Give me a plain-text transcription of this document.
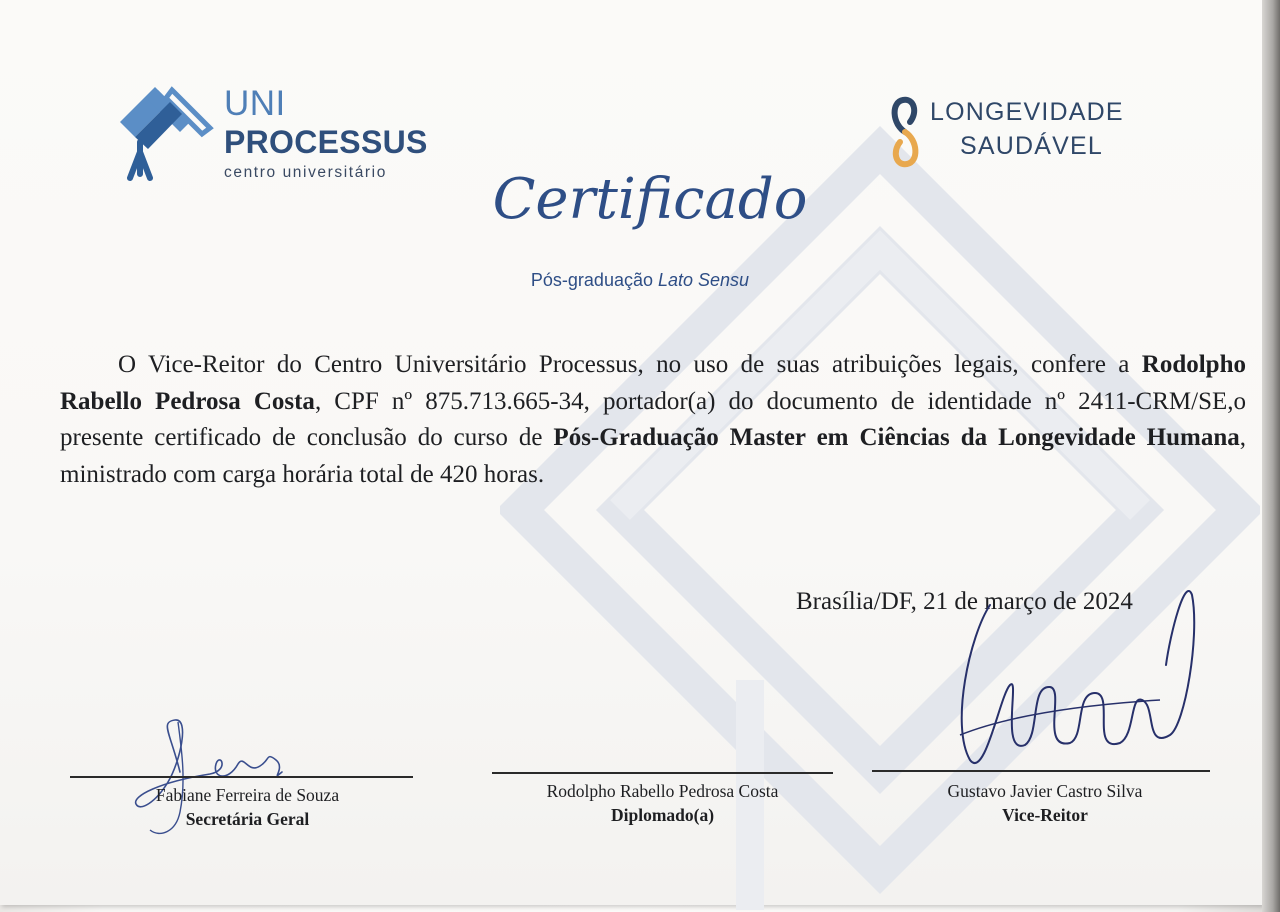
UNI
PROCESSUS
centro universitário
LONGEVIDADE
SAUDÁVEL
Certificado
Pós-graduação Lato Sensu

O Vice-Reitor do Centro Universitário Processus, no uso de suas atribuições legais, confere a Rodolpho Rabello Pedrosa Costa, CPF nº 875.713.665-34, portador(a) do documento de identidade nº 2411-CRM/SE,o presente certificado de conclusão do curso de Pós-Graduação Master em Ciências da Longevidade Humana, ministrado com carga horária total de 420 horas.

Brasília/DF, 21 de março de 2024
Fabiane Ferreira de Souza
Secretária Geral
Rodolpho Rabello Pedrosa Costa
Diplomado(a)
Gustavo Javier Castro Silva
Vice-Reitor
